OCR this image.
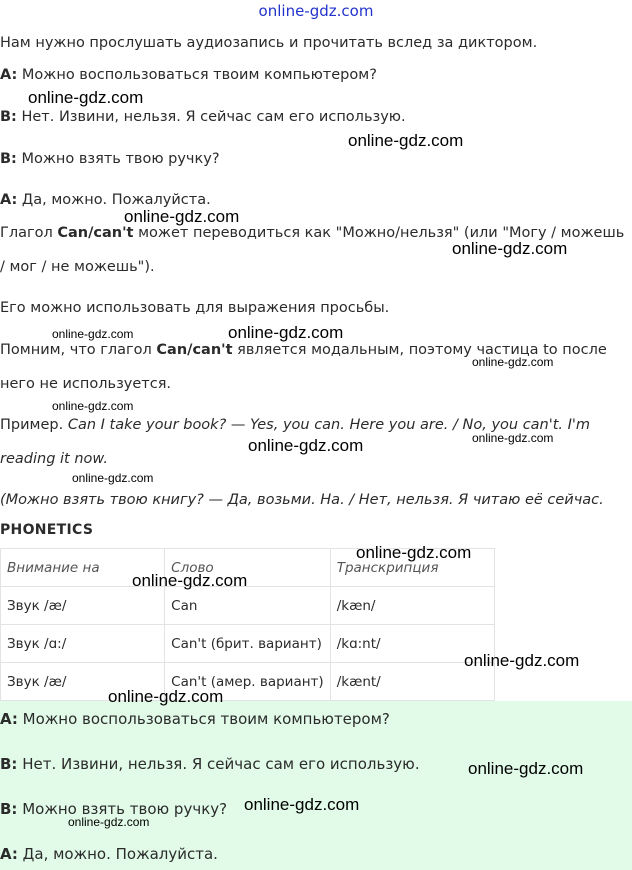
online-gdz.com
Нам нужно прослушать аудиозапись и прочитать вслед за диктором.
A: Можно воспользоваться твоим компьютером?
B: Нет. Извини, нельзя. Я сейчас сам его использую.
B: Можно взять твою ручку?
A: Да, можно. Пожалуйста.
Глагол Can/can't может переводиться как "Можно/нельзя" (или "Могу / можешь
/ мог / не можешь").
Его можно использовать для выражения просьбы.
Помним, что глагол Can/can't является модальным, поэтому частица to после
него не используется.
Пример. Can I take your book? — Yes, you can. Here you are. / No, you can't. I'm
reading it now.
(Можно взять твою книгу? — Да, возьми. На. / Нет, нельзя. Я читаю её сейчас.
PHONETICS
Внимание на	Слово	Транскрипция
Звук /æ/	Can	/kæn/
Звук /ɑ:/	Can't (брит. вариант)	/kɑ:nt/
Звук /æ/	Can't (амер. вариант)	/kænt/
A: Можно воспользоваться твоим компьютером?
B: Нет. Извини, нельзя. Я сейчас сам его использую.
B: Можно взять твою ручку?
A: Да, можно. Пожалуйста.
online-gdz.com
online-gdz.com
online-gdz.com
online-gdz.com
online-gdz.com	online-gdz.com
online-gdz.com
online-gdz.com
online-gdz.com
online-gdz.com
online-gdz.com
online-gdz.com
online-gdz.com
online-gdz.com
online-gdz.com
online-gdz.com
online-gdz.com
online-gdz.com
